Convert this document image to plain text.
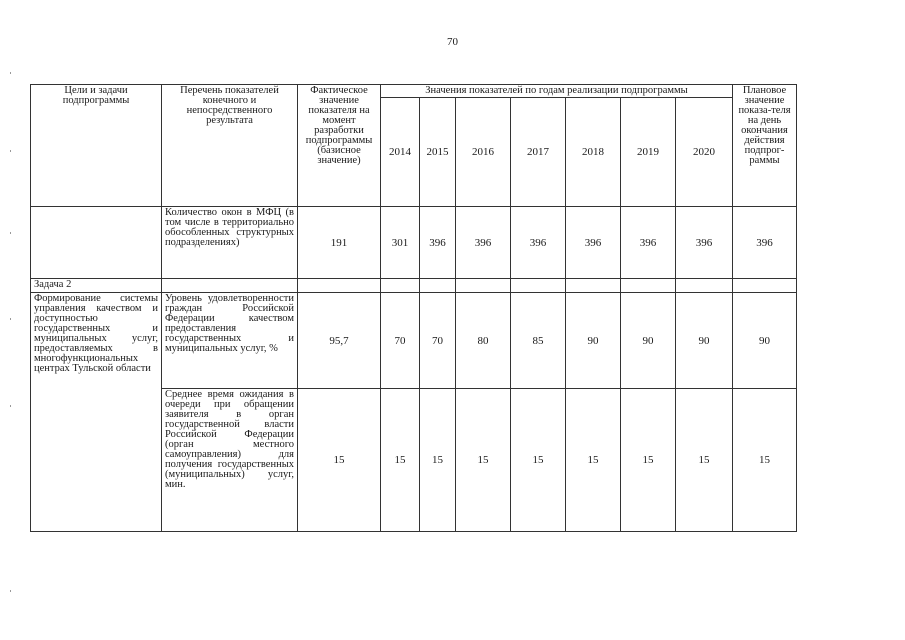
70
Цели и задачи подпрограммы	Перечень показателей конечного и непосредственного результата	Фактическое значение показателя на момент разработки подпрограммы (базисное значение)	Значения показателей по годам реализации подпрограммы							Плановое значение показа-теля на день окончания действия подпрог-раммы
			2014	2015	2016	2017	2018	2019	2020	
	Количество окон в МФЦ (в том числе в территориально обособленных структурных подразделениях)	191	301	396	396	396	396	396	396	396
Задача 2										
Формирование системы управления качеством и доступностью государственных и муниципальных услуг, предоставляемых в многофункциональных центрах Тульской области	Уровень удовлетворенности граждан Российской Федерации качеством предоставления государственных и муниципальных услуг, %	95,7	70	70	80	85	90	90	90	90
	Среднее время ожидания в очереди при обращении заявителя в орган государственной власти Российской Федерации (орган местного самоуправления) для получения государственных (муниципальных) услуг, мин.	15	15	15	15	15	15	15	15	15
